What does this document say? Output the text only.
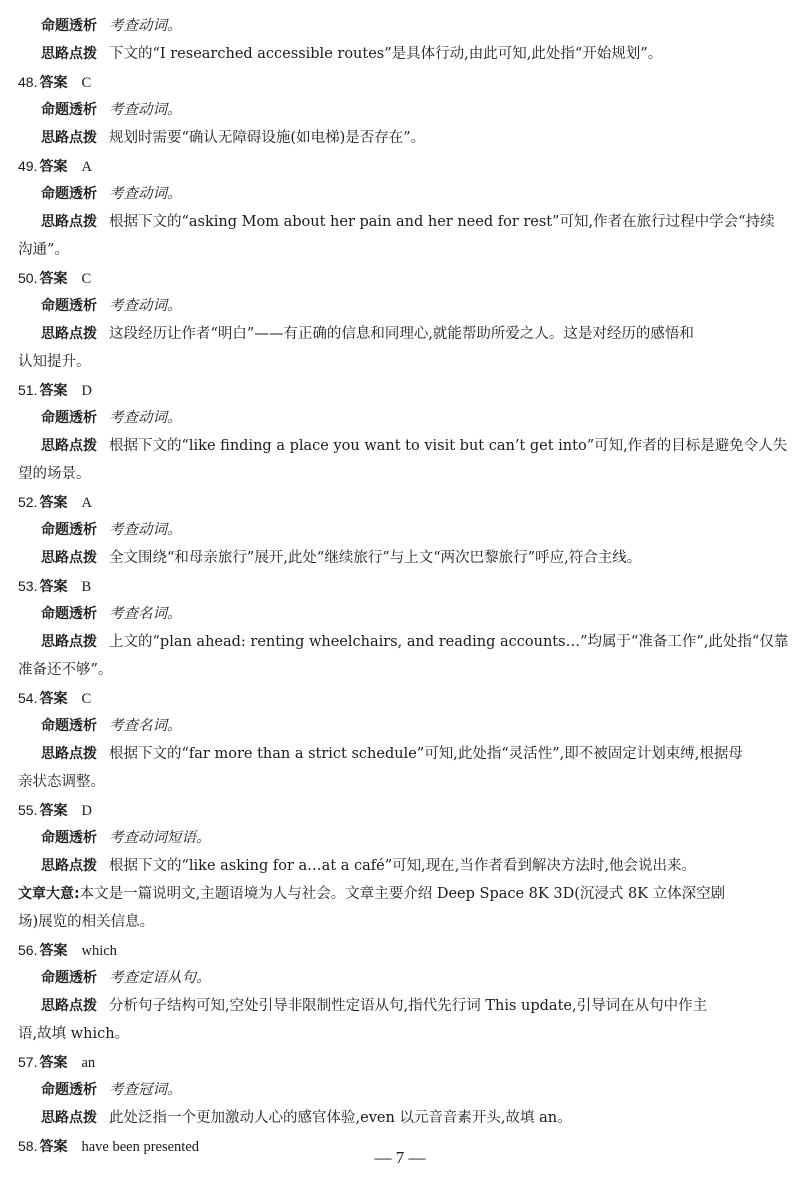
命题透析 考查动词。
思路点拨 下文的“I researched accessible routes”是具体行动,由此可知,此处指“开始规划”。
48. 答案 C
命题透析 考查动词。
思路点拨 规划时需要“确认无障碍设施(如电梯)是否存在”。
49. 答案 A
命题透析 考查动词。
思路点拨 根据下文的“asking Mom about her pain and her need for rest”可知,作者在旅行过程中学会“持续
沟通”。
50. 答案 C
命题透析 考查动词。
思路点拨 这段经历让作者“明白”——有正确的信息和同理心,就能帮助所爱之人。这是对经历的感悟和
认知提升。
51. 答案 D
命题透析 考查动词。
思路点拨 根据下文的“like finding a place you want to visit but can’t get into”可知,作者的目标是避免令人失
望的场景。
52. 答案 A
命题透析 考查动词。
思路点拨 全文围绕“和母亲旅行”展开,此处“继续旅行”与上文“两次巴黎旅行”呼应,符合主线。
53. 答案 B
命题透析 考查名词。
思路点拨 上文的“plan ahead: renting wheelchairs, and reading accounts…”均属于“准备工作”,此处指“仅靠
准备还不够”。
54. 答案 C
命题透析 考查名词。
思路点拨 根据下文的“far more than a strict schedule”可知,此处指“灵活性”,即不被固定计划束缚,根据母
亲状态调整。
55. 答案 D
命题透析 考查动词短语。
思路点拨 根据下文的“like asking for a…at a café”可知,现在,当作者看到解决方法时,他会说出来。
文章大意:本文是一篇说明文,主题语境为人与社会。文章主要介绍 Deep Space 8K 3D(沉浸式 8K 立体深空剧
场)展览的相关信息。
56. 答案 which
命题透析 考查定语从句。
思路点拨 分析句子结构可知,空处引导非限制性定语从句,指代先行词 This update,引导词在从句中作主
语,故填 which。
57. 答案 an
命题透析 考查冠词。
思路点拨 此处泛指一个更加激动人心的感官体验,even 以元音音素开头,故填 an。
58. 答案 have been presented
— 7 —
